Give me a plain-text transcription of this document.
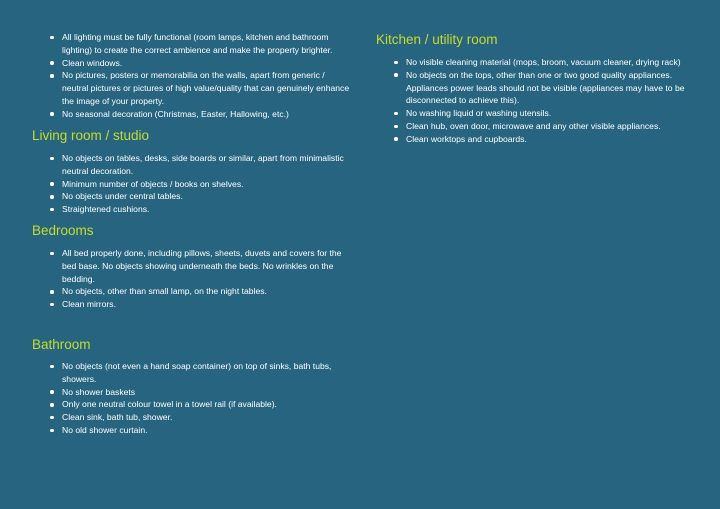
All lighting must be fully functional (room lamps, kitchen and bathroom lighting) to create the correct ambience and make the property brighter.
Clean windows.
No pictures, posters or memorabilia on the walls, apart from generic / neutral pictures or pictures of high value/quality that can genuinely enhance the image of your property.
No seasonal decoration (Christmas, Easter, Hallowing, etc.)
Living room / studio
No objects on tables, desks, side boards or similar, apart from minimalistic neutral decoration.
Minimum number of objects / books on shelves.
No objects under central tables.
Straightened cushions.
Bedrooms
All bed properly done, including pillows, sheets, duvets and covers for the bed base. No objects showing underneath the beds. No wrinkles on the bedding.
No objects, other than small lamp, on the night tables.
Clean mirrors.
Bathroom
No objects (not even a hand soap container) on top of sinks, bath tubs, showers.
No shower baskets
Only one neutral colour towel in a towel rail (if available).
Clean sink, bath tub, shower.
No old shower curtain.
Kitchen / utility room
No visible cleaning material (mops, broom, vacuum cleaner, drying rack)
No objects on the tops, other than one or two good quality appliances. Appliances power leads should not be visible (appliances may have to be disconnected to achieve this).
No washing liquid or washing utensils.
Clean hub, oven door, microwave and any other visible appliances.
Clean worktops and cupboards.
